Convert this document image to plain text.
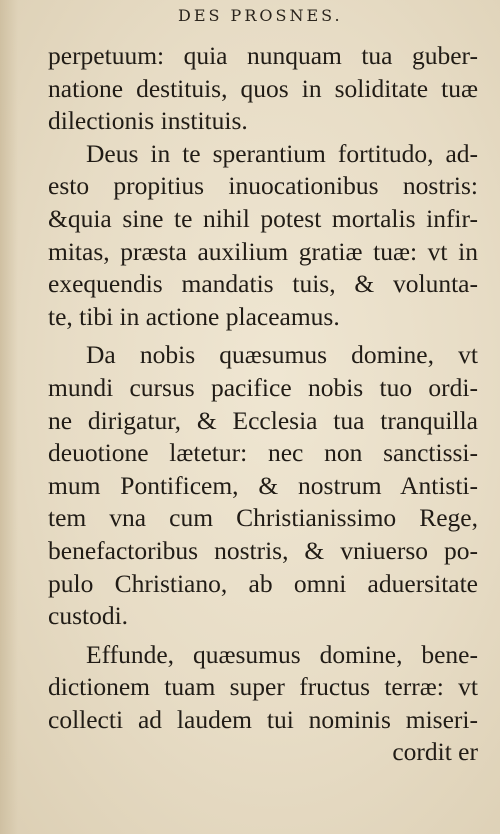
DES PROSNES.
perpetuum: quia nunquam tua guber-
natione destituis, quos in soliditate tuæ
dilectionis instituis.
Deus in te sperantium fortitudo, ad-
esto propitius inuocationibus nostris:
&quia sine te nihil potest mortalis infir-
mitas, præsta auxilium gratiæ tuæ: vt in
exequendis mandatis tuis, & volunta-
te, tibi in actione placeamus.
Da nobis quæsumus domine, vt
mundi cursus pacifice nobis tuo ordi-
ne dirigatur, & Ecclesia tua tranquilla
deuotione lætetur: nec non sanctissi-
mum Pontificem, & nostrum Antisti-
tem vna cum Christianissimo Rege,
benefactoribus nostris, & vniuerso po-
pulo Christiano, ab omni aduersitate
custodi.
Effunde, quæsumus domine, bene-
dictionem tuam super fructus terræ: vt
collecti ad laudem tui nominis miseri-
cordit er
